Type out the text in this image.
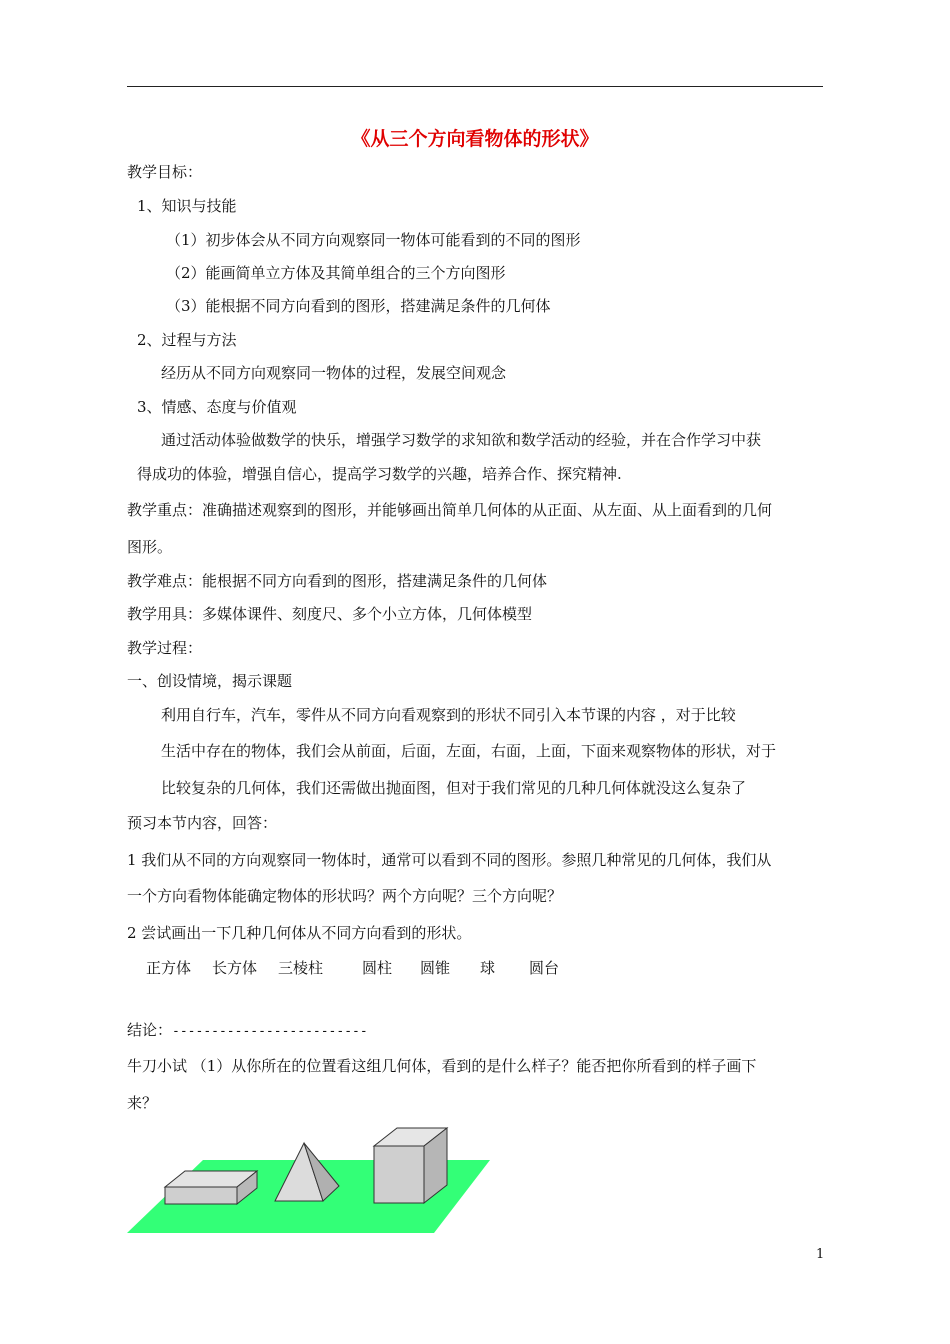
《从三个方向看物体的形状》
教学目标：
1、知识与技能
（1）初步体会从不同方向观察同一物体可能看到的不同的图形
（2）能画简单立方体及其简单组合的三个方向图形
（3）能根据不同方向看到的图形，搭建满足条件的几何体
2、过程与方法
经历从不同方向观察同一物体的过程，发展空间观念
3、情感、态度与价值观
通过活动体验做数学的快乐，增强学习数学的求知欲和数学活动的经验，并在合作学习中获
得成功的体验，增强自信心，提高学习数学的兴趣，培养合作、探究精神.
教学重点：准确描述观察到的图形，并能够画出简单几何体的从正面、从左面、从上面看到的几何
图形。
教学难点：能根据不同方向看到的图形，搭建满足条件的几何体
教学用具：多媒体课件、刻度尺、多个小立方体，几何体模型
教学过程：
一、创设情境，揭示课题
利用自行车，汽车，零件从不同方向看观察到的形状不同引入本节课的内容 ，对于比较
生活中存在的物体，我们会从前面，后面，左面，右面，上面，下面来观察物体的形状，对于
比较复杂的几何体，我们还需做出抛面图，但对于我们常见的几种几何体就没这么复杂了
预习本节内容，回答：
1 我们从不同的方向观察同一物体时，通常可以看到不同的图形。参照几种常见的几何体，我们从
一个方向看物体能确定物体的形状吗？两个方向呢？三个方向呢？
2 尝试画出一下几种几何体从不同方向看到的形状。
正方体 长方体 三棱柱	圆柱 圆锥 球 圆台
结论：-------------------------
牛刀小试 （1）从你所在的位置看这组几何体，看到的是什么样子？能否把你所看到的样子画下
来？
1
